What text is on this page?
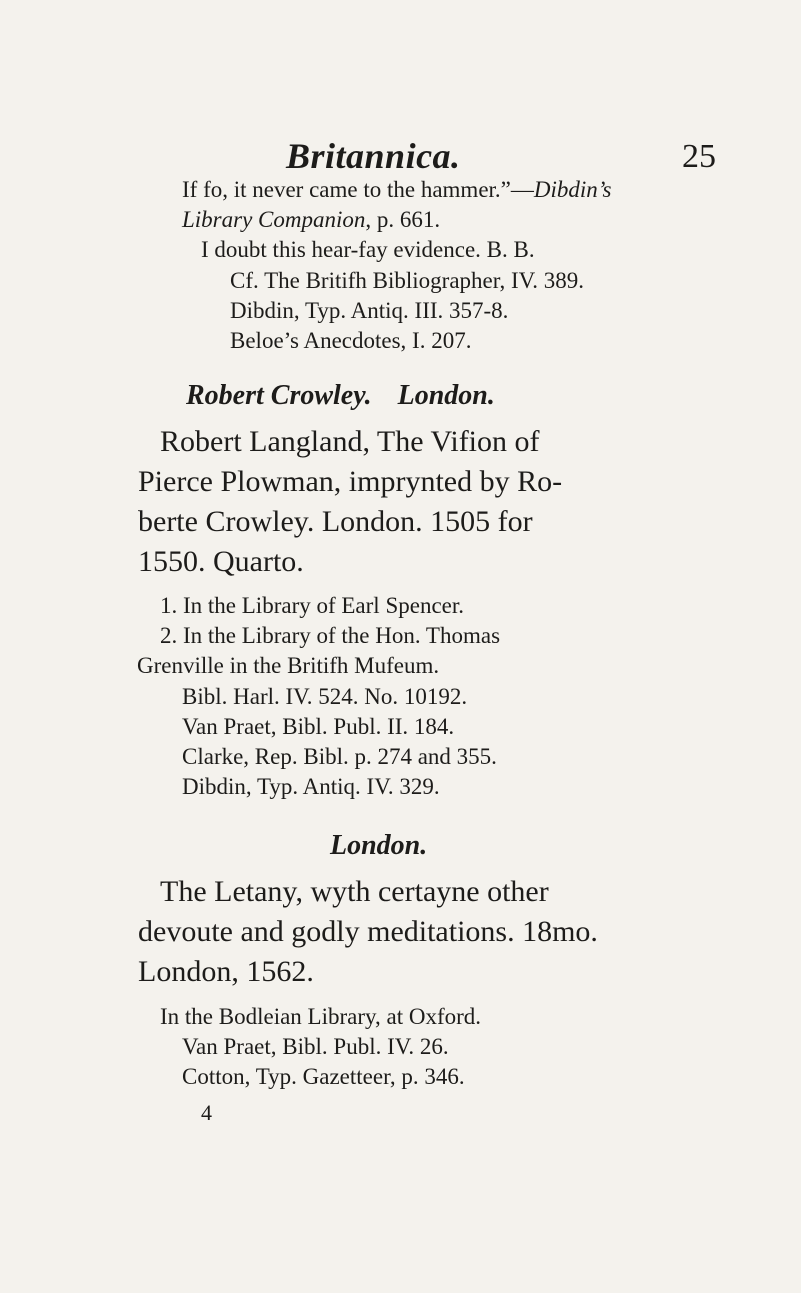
Britannica.	25
If fo, it never came to the hammer.”—Dibdin’s
Library Companion, p. 661.
I doubt this hear-fay evidence. B. B.
Cf. The Britifh Bibliographer, IV. 389.
Dibdin, Typ. Antiq. III. 357-8.
Beloe’s Anecdotes, I. 207.
Robert Crowley. London.
Robert Langland, The Vifion of
Pierce Plowman, imprynted by Ro-
berte Crowley. London. 1505 for
1550. Quarto.
1. In the Library of Earl Spencer.
2. In the Library of the Hon. Thomas
Grenville in the Britifh Mufeum.
Bibl. Harl. IV. 524. No. 10192.
Van Praet, Bibl. Publ. II. 184.
Clarke, Rep. Bibl. p. 274 and 355.
Dibdin, Typ. Antiq. IV. 329.
London.
The Letany, wyth certayne other
devoute and godly meditations. 18mo.
London, 1562.
In the Bodleian Library, at Oxford.
Van Praet, Bibl. Publ. IV. 26.
Cotton, Typ. Gazetteer, p. 346.
4
